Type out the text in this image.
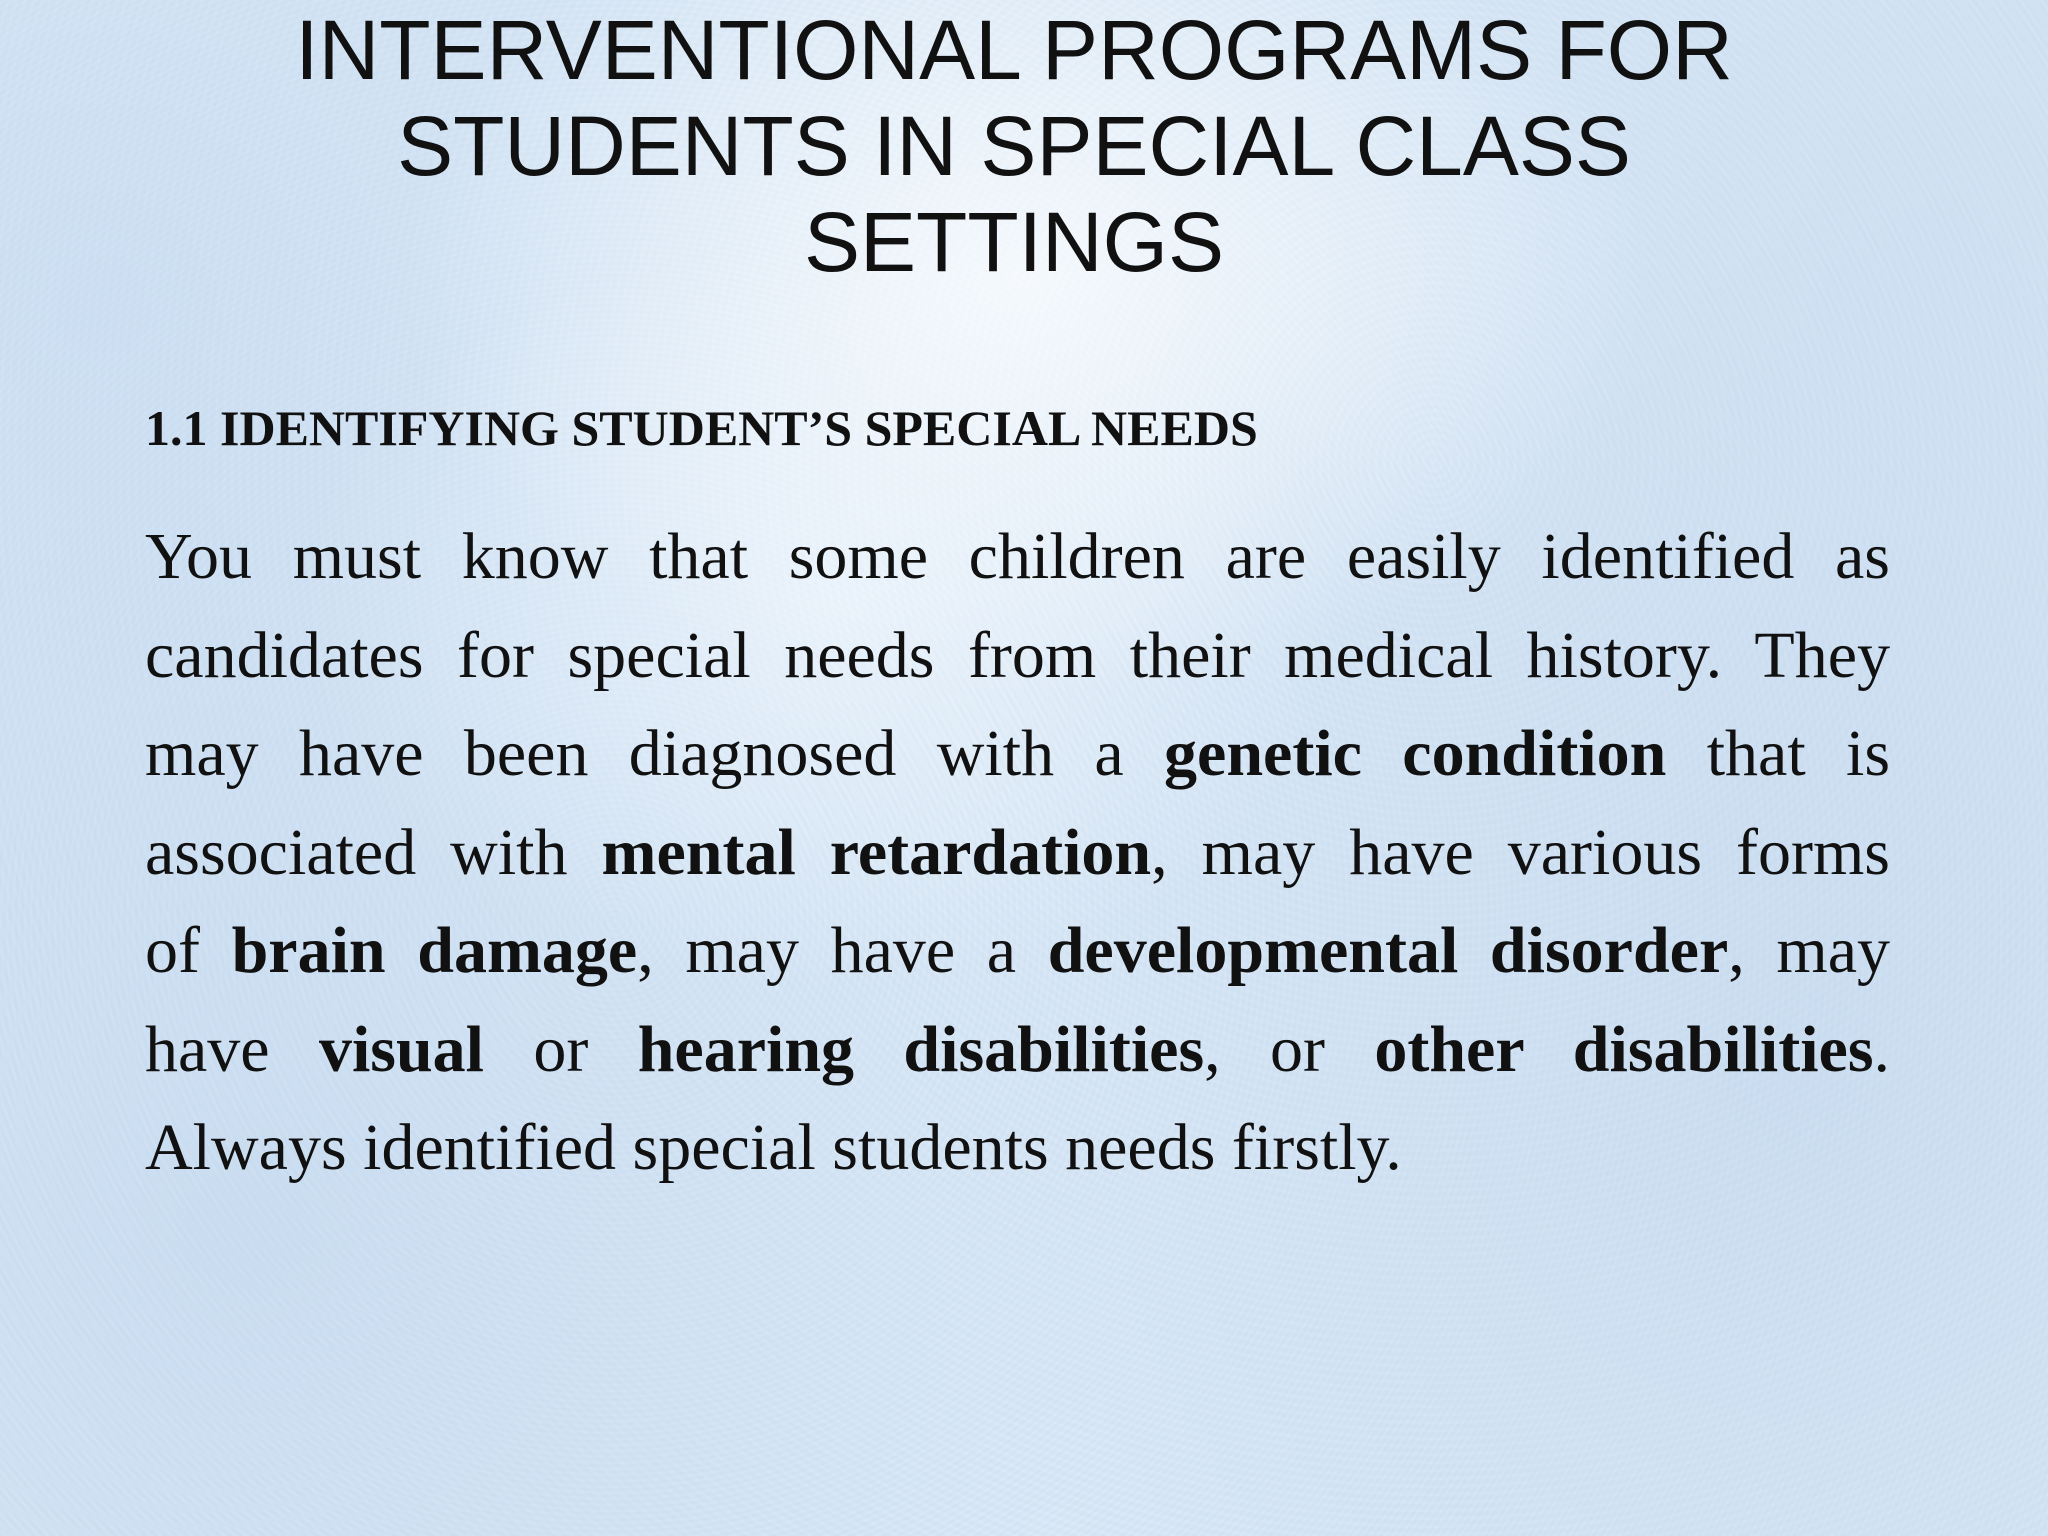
INTERVENTIONAL PROGRAMS FOR
STUDENTS IN SPECIAL CLASS
SETTINGS
1.1 IDENTIFYING STUDENT’S SPECIAL NEEDS
You must know that some children are easily identified as
candidates for special needs from their medical history. They
may have been diagnosed with a genetic condition that is
associated with mental retardation, may have various forms
of brain damage, may have a developmental disorder, may
have visual or hearing disabilities, or other disabilities.
Always identified special students needs firstly.
